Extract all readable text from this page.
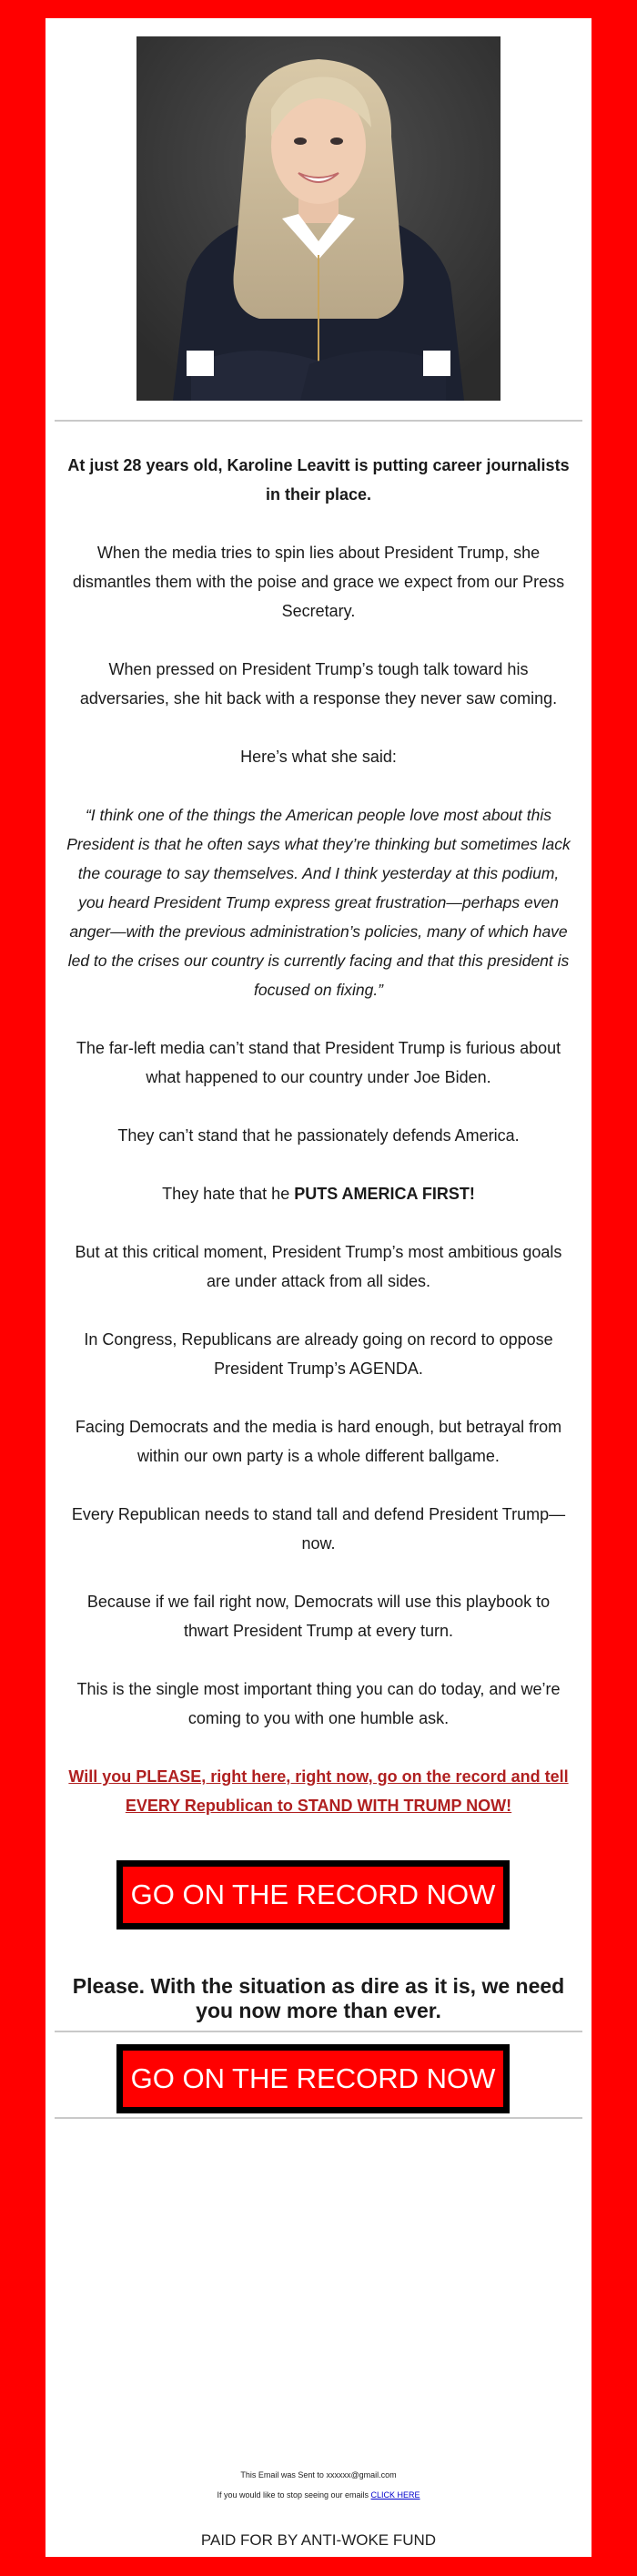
At just 28 years old, Karoline Leavitt is putting career journalists in their place.

When the media tries to spin lies about President Trump, she dismantles them with the poise and grace we expect from our Press Secretary.

When pressed on President Trump’s tough talk toward his adversaries, she hit back with a response they never saw coming.

Here’s what she said:

“I think one of the things the American people love most about this President is that he often says what they’re thinking but sometimes lack the courage to say themselves. And I think yesterday at this podium, you heard President Trump express great frustration—perhaps even anger—with the previous administration’s policies, many of which have led to the crises our country is currently facing and that this president is focused on fixing.”

The far-left media can’t stand that President Trump is furious about what happened to our country under Joe Biden.

They can’t stand that he passionately defends America.

They hate that he PUTS AMERICA FIRST!

But at this critical moment, President Trump’s most ambitious goals are under attack from all sides.

In Congress, Republicans are already going on record to oppose President Trump’s AGENDA.

Facing Democrats and the media is hard enough, but betrayal from within our own party is a whole different ballgame.

Every Republican needs to stand tall and defend President Trump—now.

Because if we fail right now, Democrats will use this playbook to thwart President Trump at every turn.

This is the single most important thing you can do today, and we’re coming to you with one humble ask.

Will you PLEASE, right here, right now, go on the record and tell EVERY Republican to STAND WITH TRUMP NOW!

GO ON THE RECORD NOW
Please. With the situation as dire as it is, we need you now more than ever.
GO ON THE RECORD NOW
This Email was Sent to xxxxxx@gmail.com
If you would like to stop seeing our emails CLICK HERE
PAID FOR BY ANTI-WOKE FUND
